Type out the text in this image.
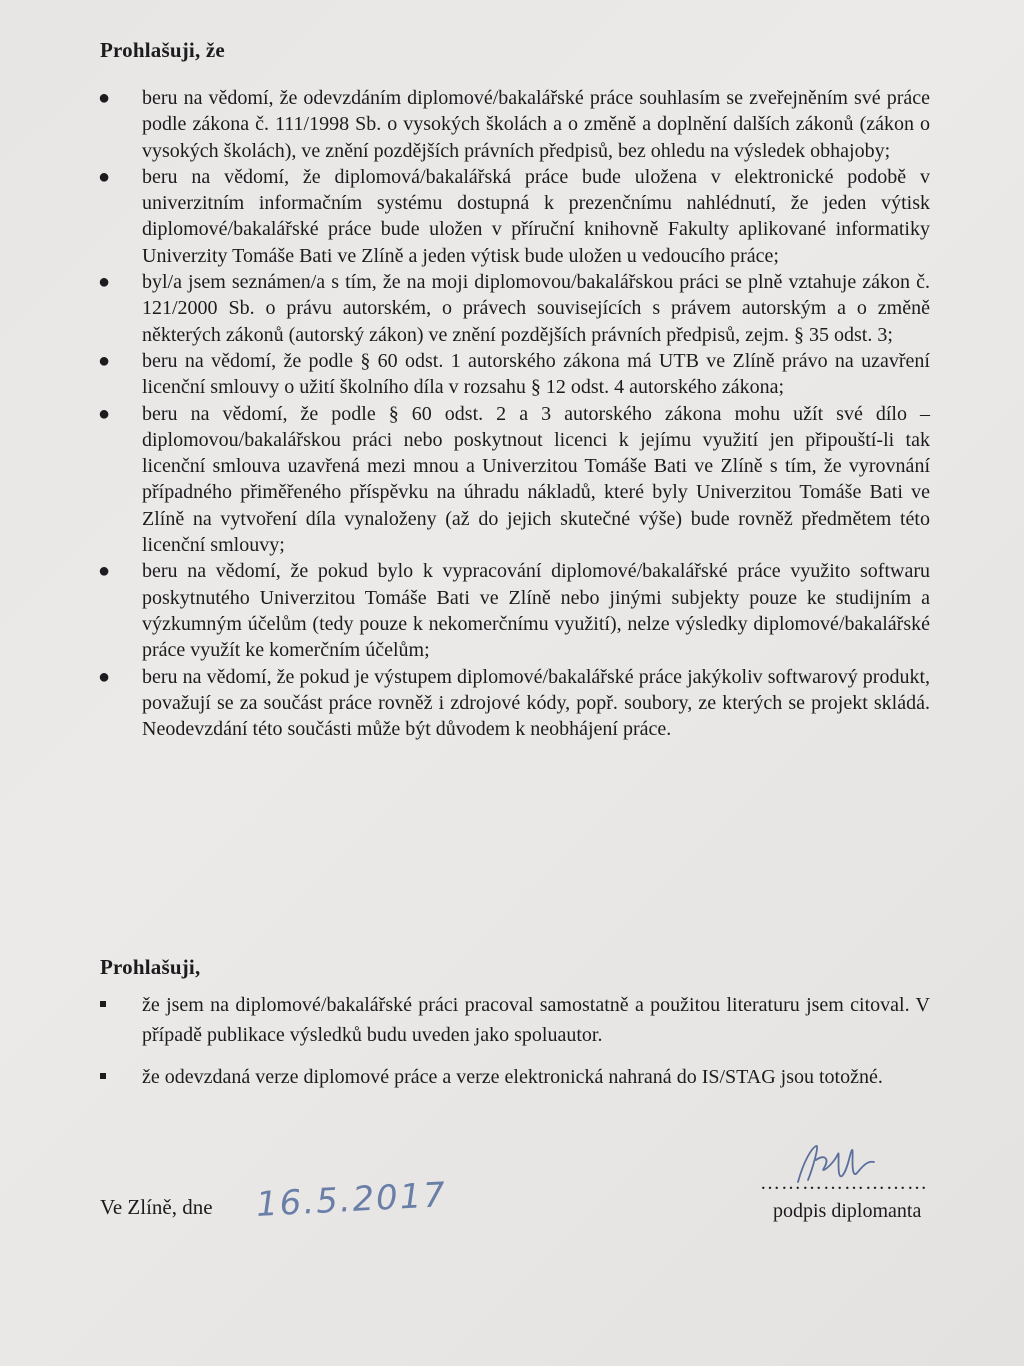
Prohlašuji, že
● beru na vědomí, že odevzdáním diplomové/bakalářské práce souhlasím se zveřejněním své práce podle zákona č. 111/1998 Sb. o vysokých školách a o změně a doplnění dalších zákonů (zákon o vysokých školách), ve znění pozdějších právních předpisů, bez ohledu na výsledek obhajoby;
● beru na vědomí, že diplomová/bakalářská práce bude uložena v elektronické podobě v univerzitním informačním systému dostupná k prezenčnímu nahlédnutí, že jeden výtisk diplomové/bakalářské práce bude uložen v příruční knihovně Fakulty aplikované informatiky Univerzity Tomáše Bati ve Zlíně a jeden výtisk bude uložen u vedoucího práce;
● byl/a jsem seznámen/a s tím, že na moji diplomovou/bakalářskou práci se plně vztahuje zákon č. 121/2000 Sb. o právu autorském, o právech souvisejících s právem autorským a o změně některých zákonů (autorský zákon) ve znění pozdějších právních předpisů, zejm. § 35 odst. 3;
● beru na vědomí, že podle § 60 odst. 1 autorského zákona má UTB ve Zlíně právo na uzavření licenční smlouvy o užití školního díla v rozsahu § 12 odst. 4 autorského zákona;
● beru na vědomí, že podle § 60 odst. 2 a 3 autorského zákona mohu užít své dílo – diplomovou/bakalářskou práci nebo poskytnout licenci k jejímu využití jen připouští-li tak licenční smlouva uzavřená mezi mnou a Univerzitou Tomáše Bati ve Zlíně s tím, že vyrovnání případného přiměřeného příspěvku na úhradu nákladů, které byly Univerzitou Tomáše Bati ve Zlíně na vytvoření díla vynaloženy (až do jejich skutečné výše) bude rovněž předmětem této licenční smlouvy;
● beru na vědomí, že pokud bylo k vypracování diplomové/bakalářské práce využito softwaru poskytnutého Univerzitou Tomáše Bati ve Zlíně nebo jinými subjekty pouze ke studijním a výzkumným účelům (tedy pouze k nekomerčnímu využití), nelze výsledky diplomové/bakalářské práce využít ke komerčním účelům;
● beru na vědomí, že pokud je výstupem diplomové/bakalářské práce jakýkoliv softwarový produkt, považují se za součást práce rovněž i zdrojové kódy, popř. soubory, ze kterých se projekt skládá. Neodevzdání této součásti může být důvodem k neobhájení práce.
Prohlašuji,
že jsem na diplomové/bakalářské práci pracoval samostatně a použitou literaturu jsem citoval. V případě publikace výsledků budu uveden jako spoluautor.
že odevzdaná verze diplomové práce a verze elektronická nahraná do IS/STAG jsou totožné.
Ve Zlíně, dne 16.5.2017	……………………
podpis diplomanta
